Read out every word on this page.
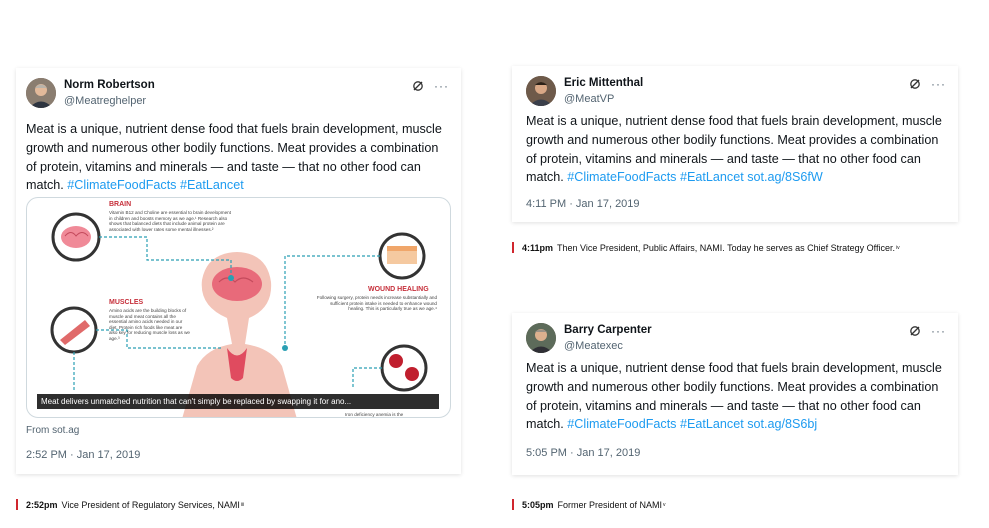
Norm Robertson
@Meatreghelper
···
Meat is a unique, nutrient dense food that fuels brain development, muscle growth and numerous other bodily functions. Meat provides a combination of protein, vitamins and minerals — and taste — that no other food can match. #ClimateFoodFacts #EatLancet
BRAIN
Vitamin B12 and Choline are essential to brain development in children and boosts memory as we age.¹ Research also shows that balanced diets that include animal protein are associated with lower rates some mental illnesses.²
MUSCLES
Amino acids are the building blocks of muscle and meat contains all the essential amino acids needed in our diet. Protein rich foods like meat are also key for reducing muscle loss as we age.³
WOUND HEALING
Following surgery, protein needs increase substantially and sufficient protein intake is needed to enhance wound healing. This is particularly true as we age.⁴
Iron deficiency anemia is the
Meat delivers unmatched nutrition that can't simply be replaced by swapping it for ano...
From sot.ag
2:52 PM · Jan 17, 2019
Eric Mittenthal
@MeatVP
···
Meat is a unique, nutrient dense food that fuels brain development, muscle growth and numerous other bodily functions. Meat provides a combination of protein, vitamins and minerals — and taste — that no other food can match. #ClimateFoodFacts #EatLancet sot.ag/8S6fW
4:11 PM · Jan 17, 2019
Barry Carpenter
@Meatexec
···
Meat is a unique, nutrient dense food that fuels brain development, muscle growth and numerous other bodily functions. Meat provides a combination of protein, vitamins and minerals — and taste — that no other food can match. #ClimateFoodFacts #EatLancet sot.ag/8S6bj
5:05 PM · Jan 17, 2019
2:52pm Vice President of Regulatory Services, NAMI iii
4:11pm Then Vice President, Public Affairs, NAMI. Today he serves as Chief Strategy Officer. iv
5:05pm Former President of NAMI v
